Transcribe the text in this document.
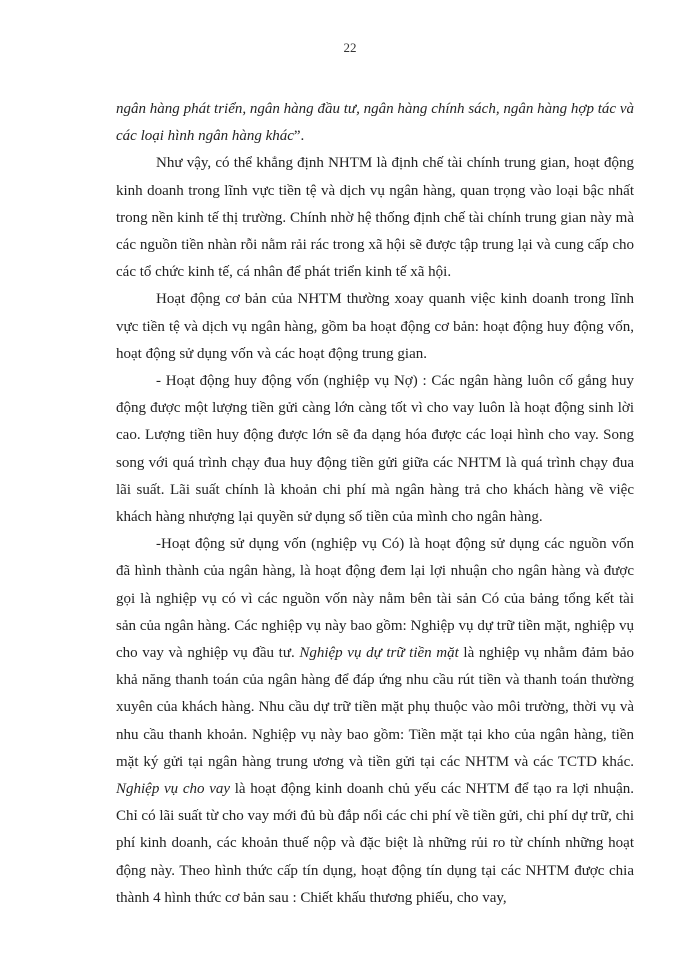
22

ngân hàng phát triển, ngân hàng đầu tư, ngân hàng chính sách, ngân hàng hợp tác và các loại hình ngân hàng khác”.

Như vậy, có thể khẳng định NHTM là định chế tài chính trung gian, hoạt động kinh doanh trong lĩnh vực tiền tệ và dịch vụ ngân hàng, quan trọng vào loại bậc nhất trong nền kinh tế thị trường. Chính nhờ hệ thống định chế tài chính trung gian này mà các nguồn tiền nhàn rỗi nằm rải rác trong xã hội sẽ được tập trung lại và cung cấp cho các tổ chức kinh tế, cá nhân để phát triển kinh tế xã hội.

Hoạt động cơ bản của NHTM thường xoay quanh việc kinh doanh trong lĩnh vực tiền tệ và dịch vụ ngân hàng, gồm ba hoạt động cơ bản: hoạt động huy động vốn, hoạt động sử dụng vốn và các hoạt động trung gian.

- Hoạt động huy động vốn (nghiệp vụ Nợ) : Các ngân hàng luôn cố gắng huy động được một lượng tiền gửi càng lớn càng tốt vì cho vay luôn là hoạt động sinh lời cao. Lượng tiền huy động được lớn sẽ đa dạng hóa được các loại hình cho vay. Song song với quá trình chạy đua huy động tiền gửi giữa các NHTM là quá trình chạy đua lãi suất. Lãi suất chính là khoản chi phí mà ngân hàng trả cho khách hàng về việc khách hàng nhượng lại quyền sử dụng số tiền của mình cho ngân hàng.

-Hoạt động sử dụng vốn (nghiệp vụ Có) là hoạt động sử dụng các nguồn vốn đã hình thành của ngân hàng, là hoạt động đem lại lợi nhuận cho ngân hàng và được gọi là nghiệp vụ có vì các nguồn vốn này nằm bên tài sản Có của bảng tổng kết tài sản của ngân hàng. Các nghiệp vụ này bao gồm: Nghiệp vụ dự trữ tiền mặt, nghiệp vụ cho vay và nghiệp vụ đầu tư. Nghiệp vụ dự trữ tiền mặt là nghiệp vụ nhằm đảm bảo khả năng thanh toán của ngân hàng để đáp ứng nhu cầu rút tiền và thanh toán thường xuyên của khách hàng. Nhu cầu dự trữ tiền mặt phụ thuộc vào môi trường, thời vụ và nhu cầu thanh khoản. Nghiệp vụ này bao gồm: Tiền mặt tại kho của ngân hàng, tiền mặt ký gửi tại ngân hàng trung ương và tiền gửi tại các NHTM và các TCTD khác. Nghiệp vụ cho vay là hoạt động kinh doanh chủ yếu các NHTM để tạo ra lợi nhuận. Chỉ có lãi suất từ cho vay mới đủ bù đắp nổi các chi phí về tiền gửi, chi phí dự trữ, chi phí kinh doanh, các khoản thuế nộp và đặc biệt là những rủi ro từ chính những hoạt động này. Theo hình thức cấp tín dụng, hoạt động tín dụng tại các NHTM được chia thành 4 hình thức cơ bản sau : Chiết khấu thương phiếu, cho vay,
